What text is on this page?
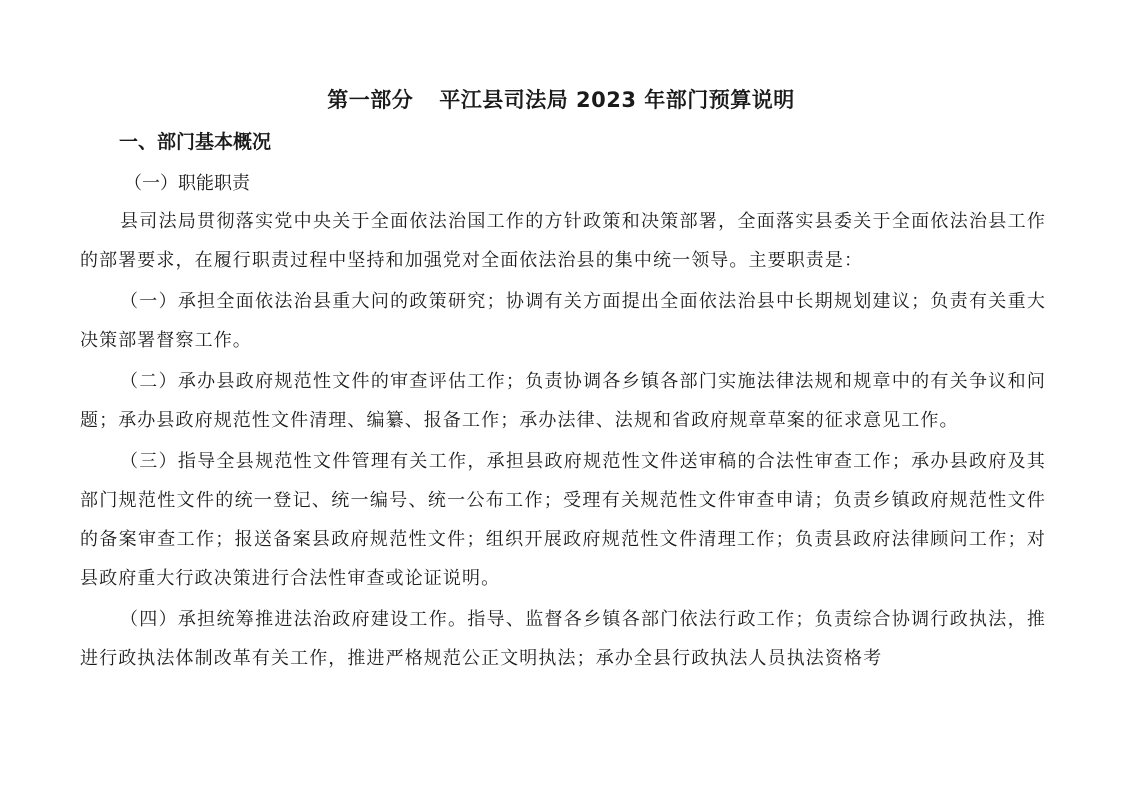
第一部分 平江县司法局 2023 年部门预算说明
一、部门基本概况
（一）职能职责

县司法局贯彻落实党中央关于全面依法治国工作的方针政策和决策部署，全面落实县委关于全面依法治县工作的部署要求，在履行职责过程中坚持和加强党对全面依法治县的集中统一领导。主要职责是：

（一）承担全面依法治县重大问的政策研究；协调有关方面提出全面依法治县中长期规划建议；负责有关重大决策部署督察工作。

（二）承办县政府规范性文件的审查评估工作；负责协调各乡镇各部门实施法律法规和规章中的有关争议和问题；承办县政府规范性文件清理、编纂、报备工作；承办法律、法规和省政府规章草案的征求意见工作。

（三）指导全县规范性文件管理有关工作，承担县政府规范性文件送审稿的合法性审查工作；承办县政府及其部门规范性文件的统一登记、统一编号、统一公布工作；受理有关规范性文件审查申请；负责乡镇政府规范性文件的备案审查工作；报送备案县政府规范性文件；组织开展政府规范性文件清理工作；负责县政府法律顾问工作；对县政府重大行政决策进行合法性审查或论证说明。

（四）承担统筹推进法治政府建设工作。指导、监督各乡镇各部门依法行政工作；负责综合协调行政执法，推进行政执法体制改革有关工作，推进严格规范公正文明执法；承办全县行政执法人员执法资格考
